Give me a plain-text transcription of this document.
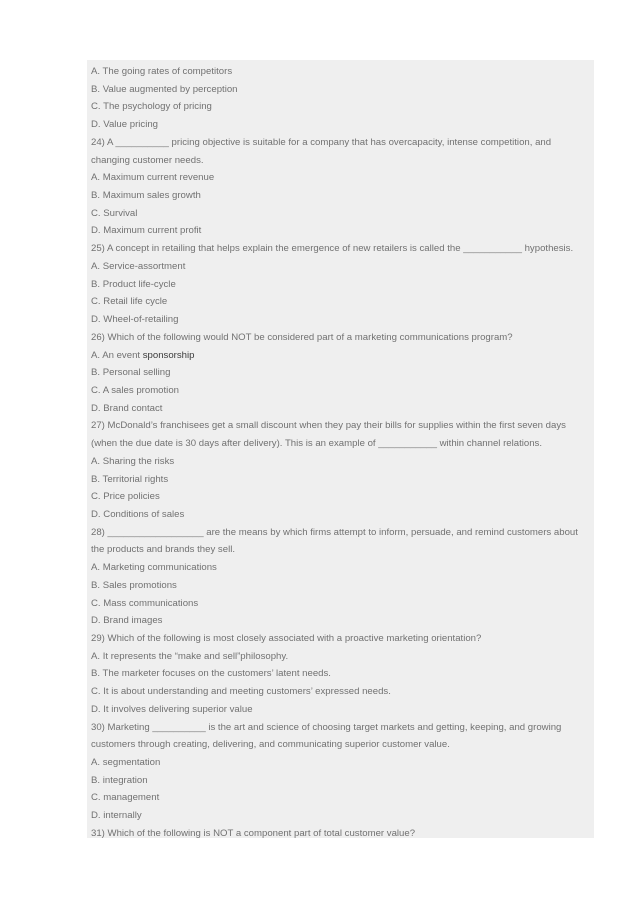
A. The going rates of competitors
B. Value augmented by perception
C. The psychology of pricing
D. Value pricing
24) A __________ pricing objective is suitable for a company that has overcapacity, intense competition, and
changing customer needs.
A. Maximum current revenue
B. Maximum sales growth
C. Survival
D. Maximum current profit
25) A concept in retailing that helps explain the emergence of new retailers is called the ___________ hypothesis.
A. Service-assortment
B. Product life-cycle
C. Retail life cycle
D. Wheel-of-retailing
26) Which of the following would NOT be considered part of a marketing communications program?
A. An event sponsorship
B. Personal selling
C. A sales promotion
D. Brand contact
27) McDonald’s franchisees get a small discount when they pay their bills for supplies within the first seven days
(when the due date is 30 days after delivery). This is an example of ___________ within channel relations.
A. Sharing the risks
B. Territorial rights
C. Price policies
D. Conditions of sales
28) __________________ are the means by which firms attempt to inform, persuade, and remind customers about
the products and brands they sell.
A. Marketing communications
B. Sales promotions
C. Mass communications
D. Brand images
29) Which of the following is most closely associated with a proactive marketing orientation?
A. It represents the “make and sell”philosophy.
B. The marketer focuses on the customers’ latent needs.
C. It is about understanding and meeting customers’ expressed needs.
D. It involves delivering superior value
30) Marketing __________ is the art and science of choosing target markets and getting, keeping, and growing
customers through creating, delivering, and communicating superior customer value.
A. segmentation
B. integration
C. management
D. internally
31) Which of the following is NOT a component part of total customer value?
